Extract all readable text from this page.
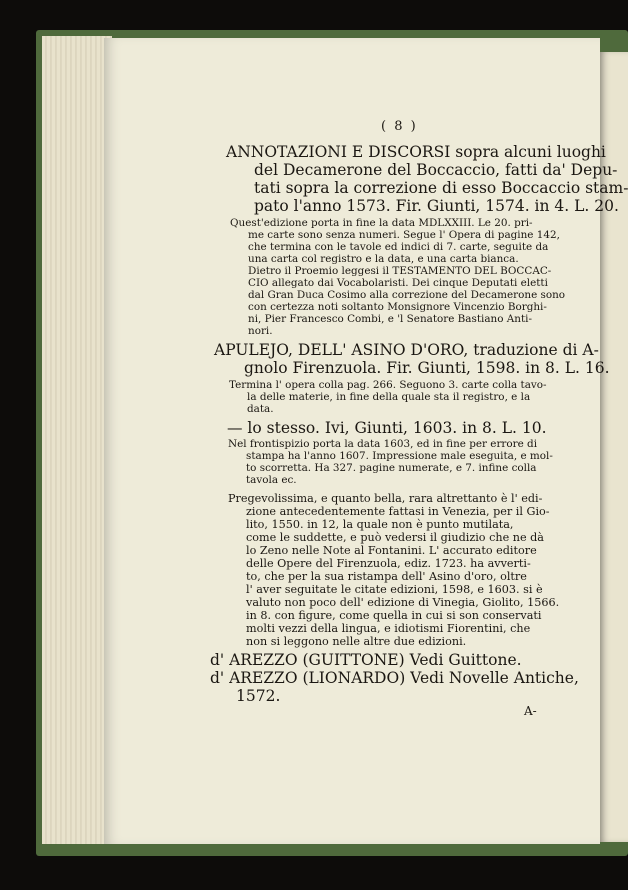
( 8 )
ANNOTAZIONI E DISCORSI sopra alcuni luoghi
del Decamerone del Boccaccio, fatti da' Depu-
tati sopra la correzione di esso Boccaccio stam-
pato l'anno 1573. Fir. Giunti, 1574. in 4. L. 20.
Quest'edizione porta in fine la data MDLXXIII. Le 20. pri-
me carte sono senza numeri. Segue l' Opera di pagine 142,
che termina con le tavole ed indici di 7. carte, seguite da
una carta col registro e la data, e una carta bianca.
Dietro il Proemio leggesi il TESTAMENTO DEL BOCCAC-
CIO allegato dai Vocabolaristi. Dei cinque Deputati eletti
dal Gran Duca Cosimo alla correzione del Decamerone sono
con certezza noti soltanto Monsignore Vincenzio Borghi-
ni, Pier Francesco Combi, e 'l Senatore Bastiano Anti-
nori.
APULEJO, DELL' ASINO D'ORO, traduzione di A-
gnolo Firenzuola. Fir. Giunti, 1598. in 8. L. 16.
Termina l' opera colla pag. 266. Seguono 3. carte colla tavo-
la delle materie, in fine della quale sta il registro, e la
data.
— lo stesso. Ivi, Giunti, 1603. in 8. L. 10.
Nel frontispizio porta la data 1603, ed in fine per errore di
stampa ha l'anno 1607. Impressione male eseguita, e mol-
to scorretta. Ha 327. pagine numerate, e 7. infine colla
tavola ec.
Pregevolissima, e quanto bella, rara altrettanto è l' edi-
zione antecedentemente fattasi in Venezia, per il Gio-
lito, 1550. in 12, la quale non è punto mutilata,
come le suddette, e può vedersi il giudizio che ne dà
lo Zeno nelle Note al Fontanini. L' accurato editore
delle Opere del Firenzuola, ediz. 1723. ha avverti-
to, che per la sua ristampa dell' Asino d'oro, oltre
l' aver seguitate le citate edizioni, 1598, e 1603. si è
valuto non poco dell' edizione di Vinegia, Giolito, 1566.
in 8. con figure, come quella in cui si son conservati
molti vezzi della lingua, e idiotismi Fiorentini, che
non si leggono nelle altre due edizioni.
d' AREZZO (GUITTONE) Vedi Guittone.
d' AREZZO (LIONARDO) Vedi Novelle Antiche,
1572.
A-
